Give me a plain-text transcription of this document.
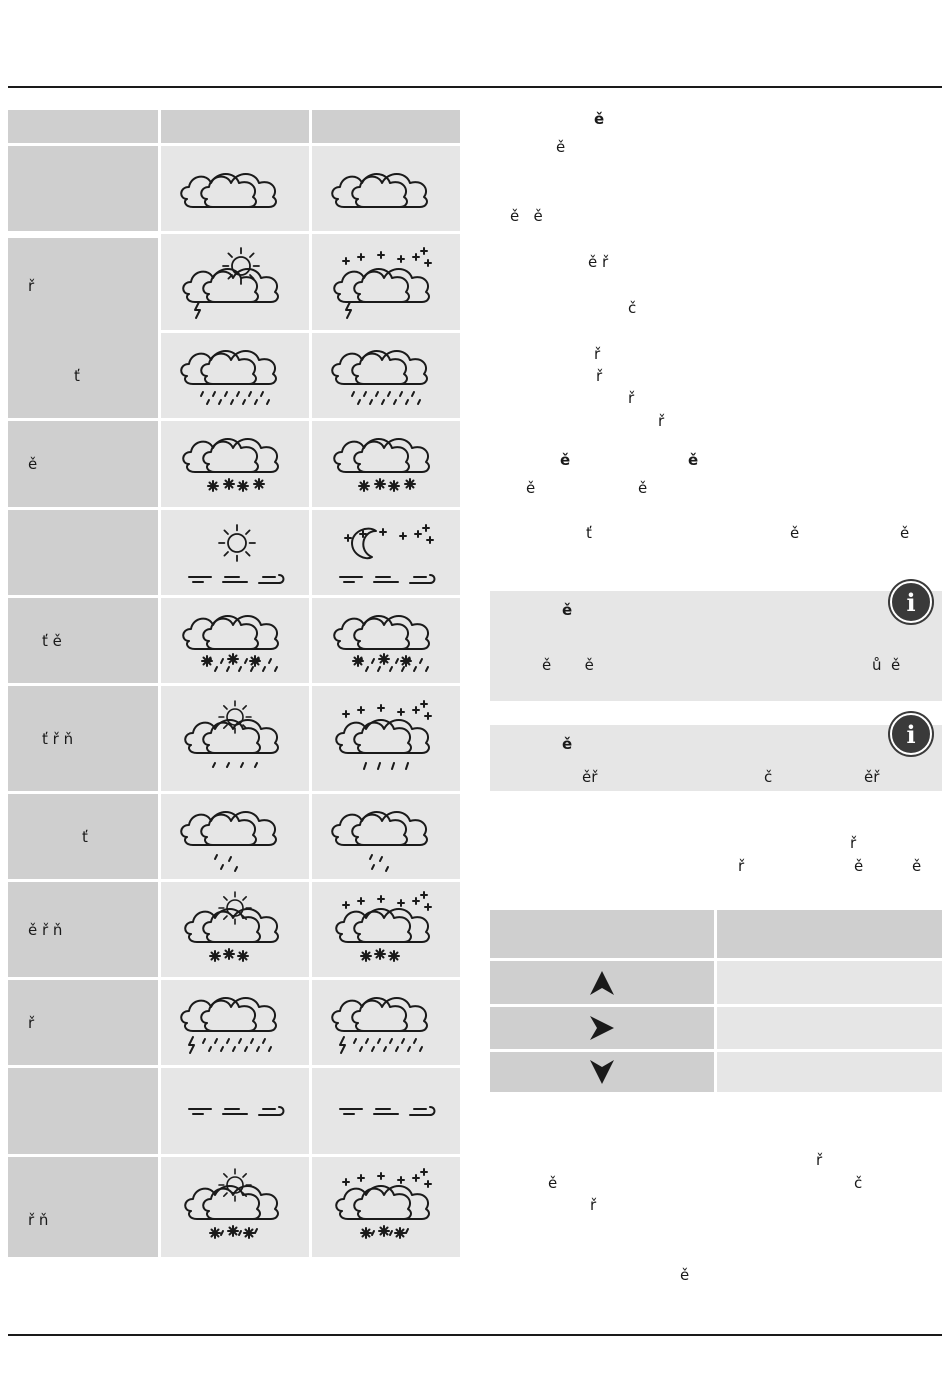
ř
ť
ě
ť ě
ť ř ň
ť
ě ř ň
ř
ř ň
ě
ě
ě   ě
ě ř
č
ř
ř
ř
ř
ě	ě
ě	ě
ť	ě	ě
i
ě
ě       ě	ů  ě
i
ě
ěř	č	ěř
ř
ř	ě	ě
ř
ě	č
ř
ě
